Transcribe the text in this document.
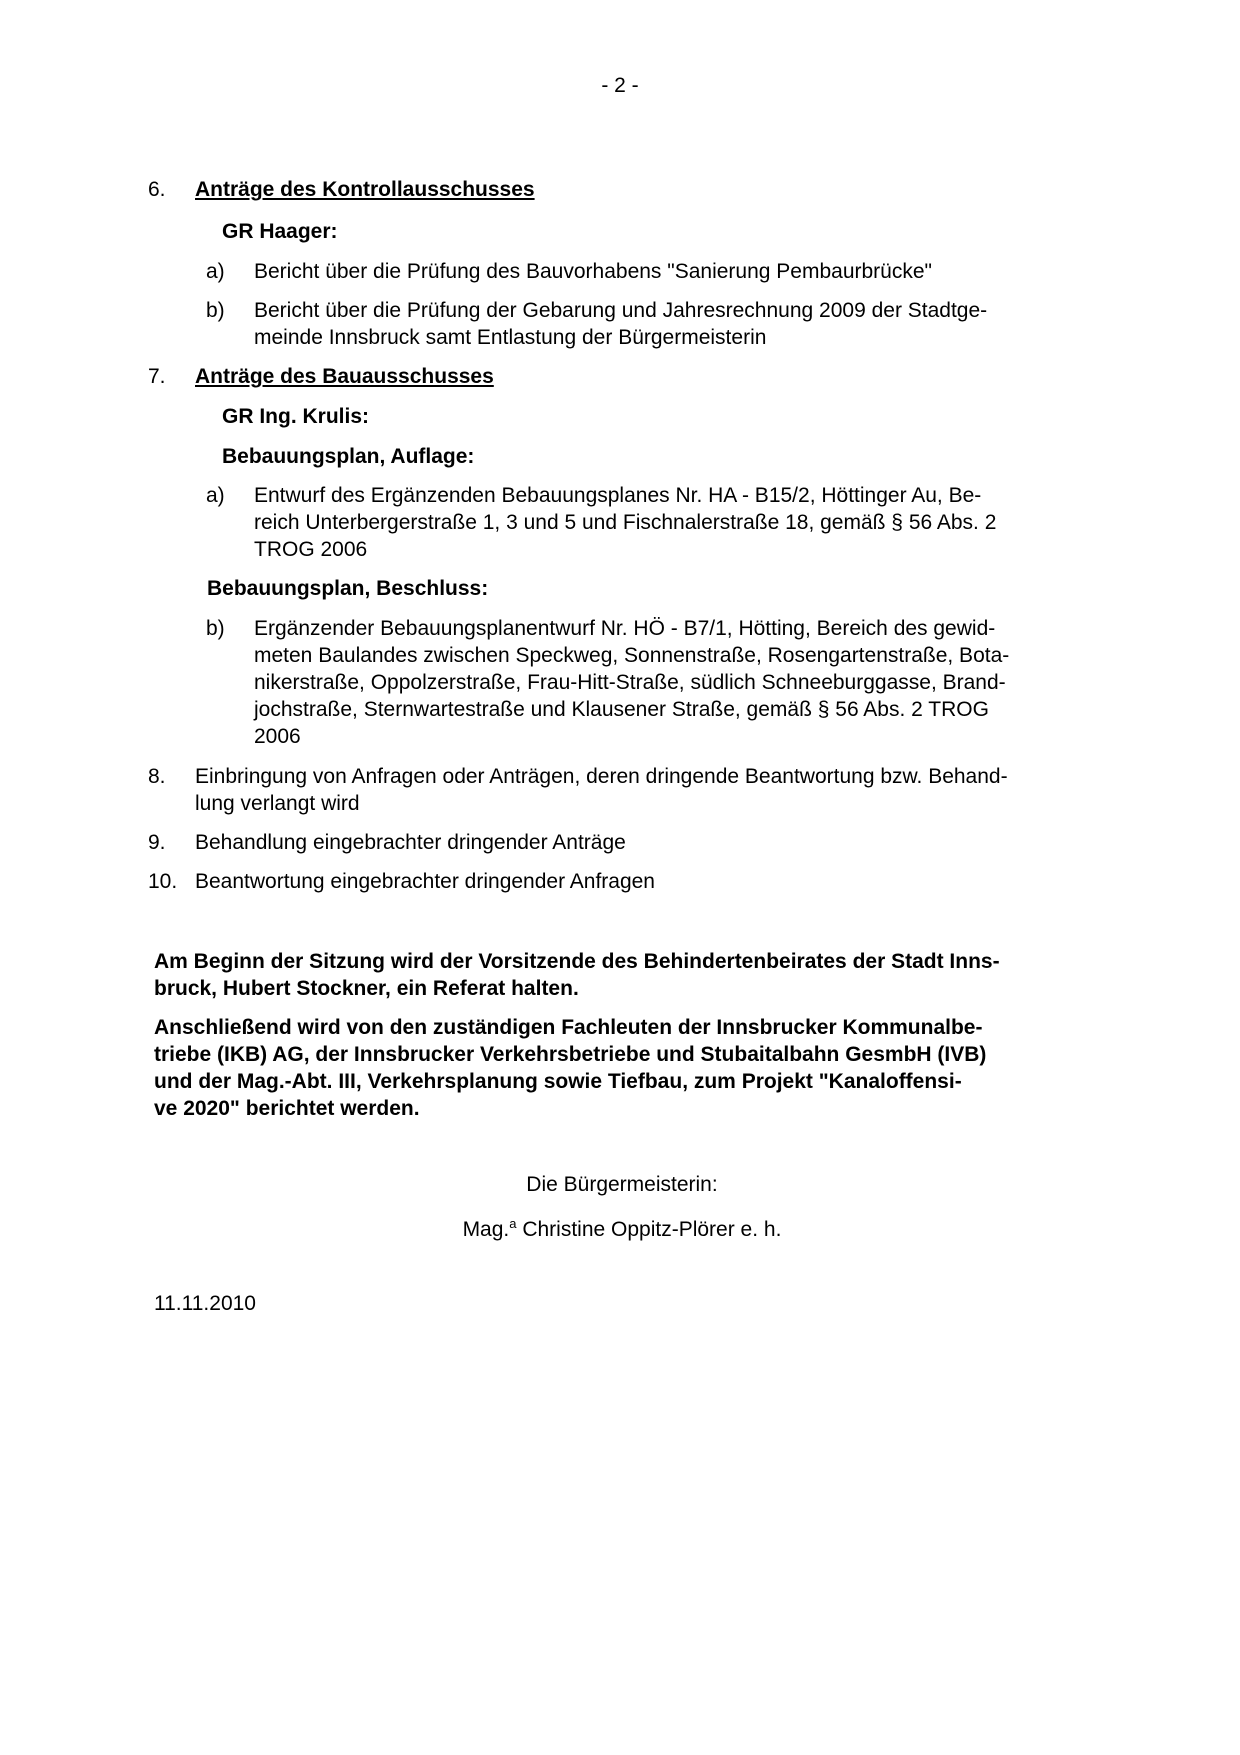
- 2 -
6. Anträge des Kontrollausschusses
GR Haager:
a) Bericht über die Prüfung des Bauvorhabens "Sanierung Pembaurbrücke"
b) Bericht über die Prüfung der Gebarung und Jahresrechnung 2009 der Stadtge-
meinde Innsbruck samt Entlastung der Bürgermeisterin
7. Anträge des Bauausschusses
GR Ing. Krulis:
Bebauungsplan, Auflage:
a) Entwurf des Ergänzenden Bebauungsplanes Nr. HA - B15/2, Höttinger Au, Be-
reich Unterbergerstraße 1, 3 und 5 und Fischnalerstraße 18, gemäß § 56 Abs. 2
TROG 2006
Bebauungsplan, Beschluss:
b) Ergänzender Bebauungsplanentwurf Nr. HÖ - B7/1, Hötting, Bereich des gewid-
meten Baulandes zwischen Speckweg, Sonnenstraße, Rosengartenstraße, Bota-
nikerstraße, Oppolzerstraße, Frau-Hitt-Straße, südlich Schneeburggasse, Brand-
jochstraße, Sternwartestraße und Klausener Straße, gemäß § 56 Abs. 2 TROG
2006
8. Einbringung von Anfragen oder Anträgen, deren dringende Beantwortung bzw. Behand-
lung verlangt wird
9. Behandlung eingebrachter dringender Anträge
10. Beantwortung eingebrachter dringender Anfragen
Am Beginn der Sitzung wird der Vorsitzende des Behindertenbeirates der Stadt Inns-
bruck, Hubert Stockner, ein Referat halten.
Anschließend wird von den zuständigen Fachleuten der Innsbrucker Kommunalbe-
triebe (IKB) AG, der Innsbrucker Verkehrsbetriebe und Stubaitalbahn GesmbH (IVB)
und der Mag.-Abt. III, Verkehrsplanung sowie Tiefbau, zum Projekt "Kanaloffensi-
ve 2020" berichtet werden.
Die Bürgermeisterin:
Mag.$^a$ Christine Oppitz-Plörer e. h.
11.11.2010
